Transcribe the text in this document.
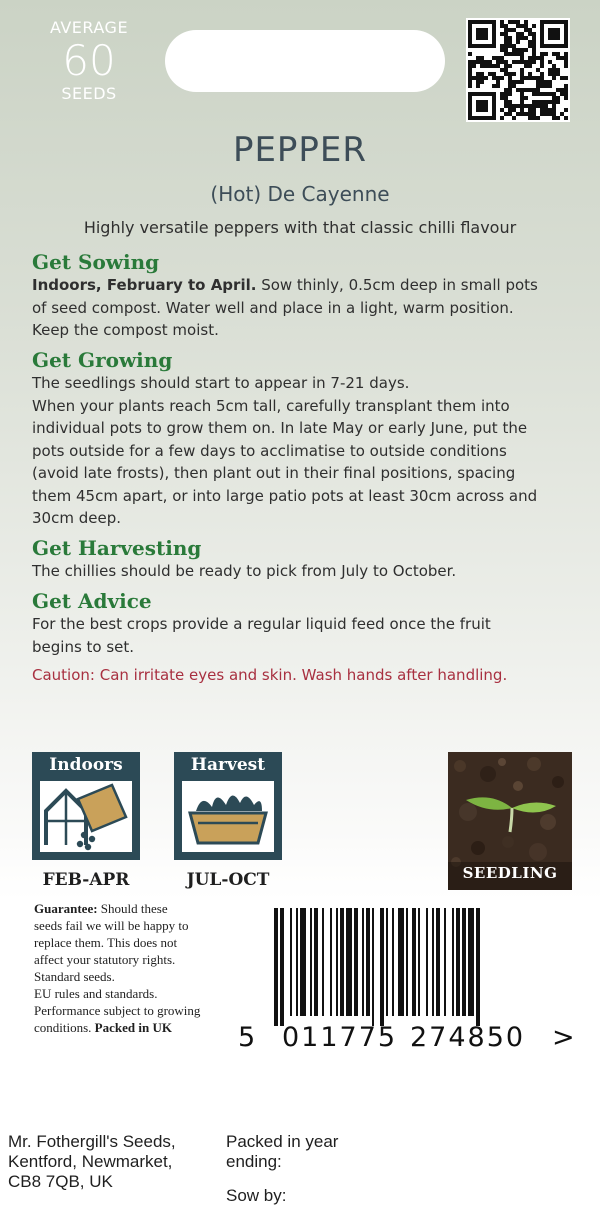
AVERAGE
60
SEEDS
PEPPER
(Hot) De Cayenne
Highly versatile peppers with that classic chilli flavour
Get Sowing

Indoors, February to April. Sow thinly, 0.5cm deep in small pots
of seed compost. Water well and place in a light, warm position.
Keep the compost moist.

Get Growing

The seedlings should start to appear in 7-21 days.
When your plants reach 5cm tall, carefully transplant them into
individual pots to grow them on. In late May or early June, put the
pots outside for a few days to acclimatise to outside conditions
(avoid late frosts), then plant out in their final positions, spacing
them 45cm apart, or into large patio pots at least 30cm across and
30cm deep.

Get Harvesting

The chillies should be ready to pick from July to October.

Get Advice

For the best crops provide a regular liquid feed once the fruit
begins to set.

Caution: Can irritate eyes and skin. Wash hands after handling.
Indoors
FEB-APR
Harvest
JUL-OCT	SEEDLING
Guarantee: Should these
seeds fail we will be happy to
replace them. This does not
affect your statutory rights.
Standard seeds.
EU rules and standards.
Performance subject to growing
conditions. Packed in UK	5 011775 274850 >
Mr. Fothergill's Seeds,
Kentford, Newmarket,
CB8 7QB, UK
Packed in year
ending:
Sow by:
